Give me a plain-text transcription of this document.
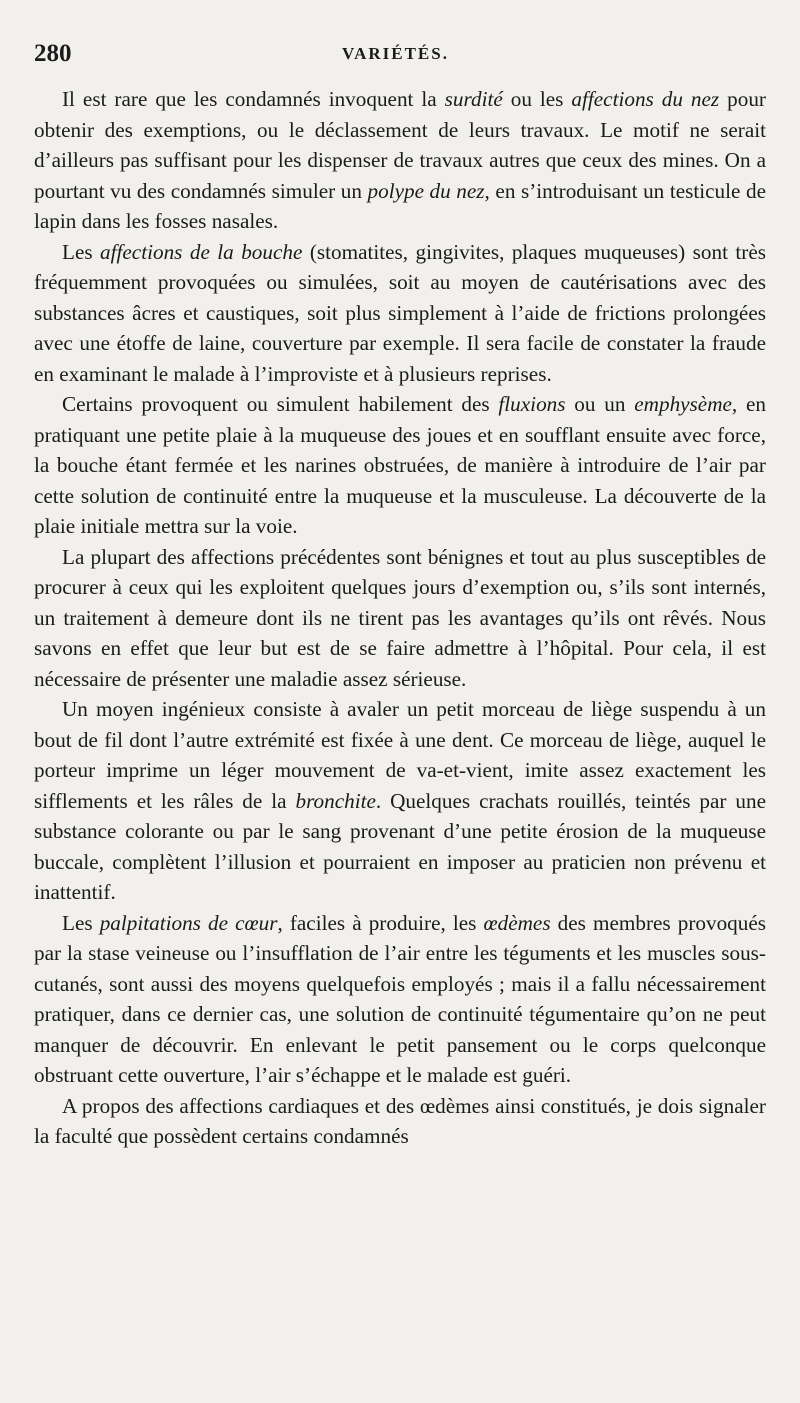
280	VARIÉTÉS.

Il est rare que les condamnés invoquent la surdité ou les affections du nez pour obtenir des exemptions, ou le déclassement de leurs travaux. Le motif ne serait d’ailleurs pas suffisant pour les dispenser de travaux autres que ceux des mines. On a pourtant vu des condamnés simuler un polype du nez, en s’introduisant un testicule de lapin dans les fosses nasales.

Les affections de la bouche (stomatites, gingivites, plaques muqueuses) sont très fréquemment provoquées ou simulées, soit au moyen de cautérisations avec des substances âcres et caustiques, soit plus simplement à l’aide de frictions prolongées avec une étoffe de laine, couverture par exemple. Il sera facile de constater la fraude en examinant le malade à l’improviste et à plusieurs reprises.

Certains provoquent ou simulent habilement des fluxions ou un emphysème, en pratiquant une petite plaie à la muqueuse des joues et en soufflant ensuite avec force, la bouche étant fermée et les narines obstruées, de manière à introduire de l’air par cette solution de continuité entre la muqueuse et la musculeuse. La découverte de la plaie initiale mettra sur la voie.

La plupart des affections précédentes sont bénignes et tout au plus susceptibles de procurer à ceux qui les exploitent quelques jours d’exemption ou, s’ils sont internés, un traitement à demeure dont ils ne tirent pas les avantages qu’ils ont rêvés. Nous savons en effet que leur but est de se faire admettre à l’hôpital. Pour cela, il est nécessaire de présenter une maladie assez sérieuse.

Un moyen ingénieux consiste à avaler un petit morceau de liège suspendu à un bout de fil dont l’autre extrémité est fixée à une dent. Ce morceau de liège, auquel le porteur imprime un léger mouvement de va-et-vient, imite assez exactement les sifflements et les râles de la bronchite. Quelques crachats rouillés, teintés par une substance colorante ou par le sang provenant d’une petite érosion de la muqueuse buccale, complètent l’illusion et pourraient en imposer au praticien non prévenu et inattentif.

Les palpitations de cœur, faciles à produire, les œdèmes des membres provoqués par la stase veineuse ou l’insufflation de l’air entre les téguments et les muscles sous-cutanés, sont aussi des moyens quelquefois employés ; mais il a fallu nécessairement pratiquer, dans ce dernier cas, une solution de continuité tégumentaire qu’on ne peut manquer de découvrir. En enlevant le petit pansement ou le corps quelconque obstruant cette ouverture, l’air s’échappe et le malade est guéri.

A propos des affections cardiaques et des œdèmes ainsi constitués, je dois signaler la faculté que possèdent certains condamnés
